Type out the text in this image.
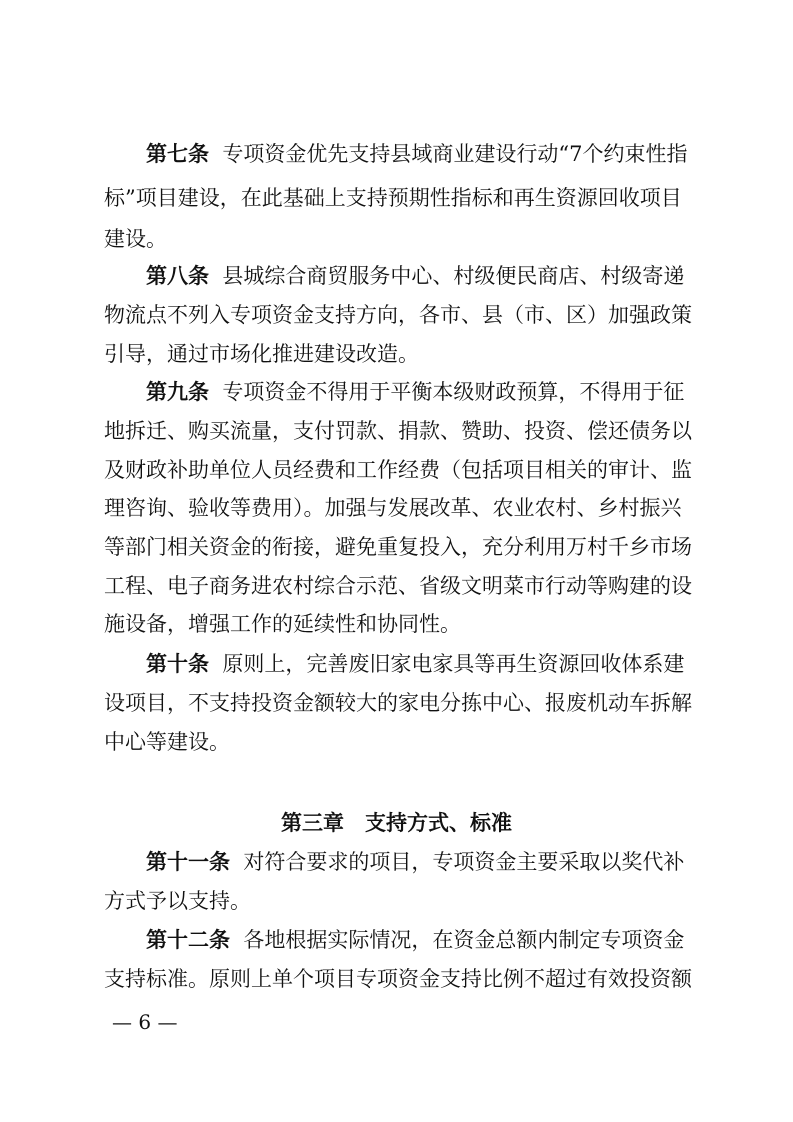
第七条 专项资金优先支持县域商业建设行动“7个约束性指
标”项目建设，在此基础上支持预期性指标和再生资源回收项目
建设。
第八条 县城综合商贸服务中心、村级便民商店、村级寄递
物流点不列入专项资金支持方向，各市、县（市、区）加强政策
引导，通过市场化推进建设改造。
第九条 专项资金不得用于平衡本级财政预算，不得用于征
地拆迁、购买流量，支付罚款、捐款、赞助、投资、偿还债务以
及财政补助单位人员经费和工作经费（包括项目相关的审计、监
理咨询、验收等费用）。加强与发展改革、农业农村、乡村振兴
等部门相关资金的衔接，避免重复投入，充分利用万村千乡市场
工程、电子商务进农村综合示范、省级文明菜市行动等购建的设
施设备，增强工作的延续性和协同性。
第十条 原则上，完善废旧家电家具等再生资源回收体系建
设项目，不支持投资金额较大的家电分拣中心、报废机动车拆解
中心等建设。
第三章　支持方式、标准
第十一条 对符合要求的项目，专项资金主要采取以奖代补
方式予以支持。
第十二条 各地根据实际情况，在资金总额内制定专项资金
支持标准。原则上单个项目专项资金支持比例不超过有效投资额
— 6 —
